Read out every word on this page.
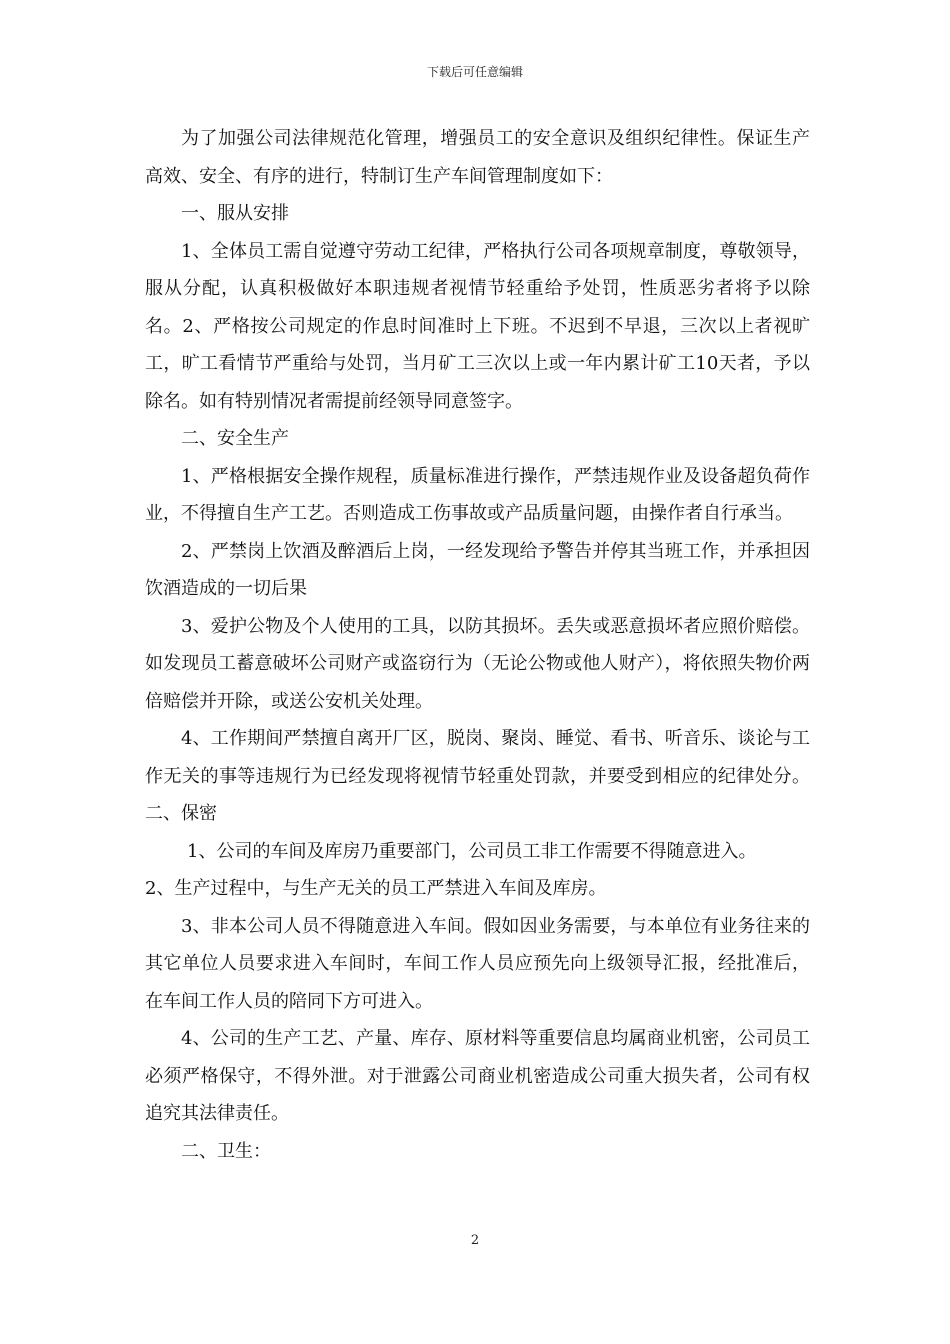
下载后可任意编辑

为了加强公司法律规范化管理，增强员工的安全意识及组织纪律性。保证生产高效、安全、有序的进行，特制订生产车间管理制度如下：

一、服从安排

1、全体员工需自觉遵守劳动工纪律，严格执行公司各项规章制度，尊敬领导，服从分配，认真积极做好本职违规者视情节轻重给予处罚，性质恶劣者将予以除名。2、严格按公司规定的作息时间准时上下班。不迟到不早退，三次以上者视旷工，旷工看情节严重给与处罚，当月矿工三次以上或一年内累计矿工10天者，予以除名。如有特别情况者需提前经领导同意签字。

二、安全生产

1、严格根据安全操作规程，质量标准进行操作，严禁违规作业及设备超负荷作业，不得擅自生产工艺。否则造成工伤事故或产品质量问题，由操作者自行承当。

2、严禁岗上饮酒及醉酒后上岗，一经发现给予警告并停其当班工作，并承担因饮酒造成的一切后果

3、爱护公物及个人使用的工具，以防其损坏。丢失或恶意损坏者应照价赔偿。如发现员工蓄意破坏公司财产或盗窃行为（无论公物或他人财产），将依照失物价两倍赔偿并开除，或送公安机关处理。

4、工作期间严禁擅自离开厂区，脱岗、聚岗、睡觉、看书、听音乐、谈论与工作无关的事等违规行为已经发现将视情节轻重处罚款，并要受到相应的纪律处分。二、保密

1、公司的车间及库房乃重要部门，公司员工非工作需要不得随意进入。

2、生产过程中，与生产无关的员工严禁进入车间及库房。

3、非本公司人员不得随意进入车间。假如因业务需要，与本单位有业务往来的其它单位人员要求进入车间时，车间工作人员应预先向上级领导汇报，经批准后，在车间工作人员的陪同下方可进入。

4、公司的生产工艺、产量、库存、原材料等重要信息均属商业机密，公司员工必须严格保守，不得外泄。对于泄露公司商业机密造成公司重大损失者，公司有权追究其法律责任。

二、卫生：

2
